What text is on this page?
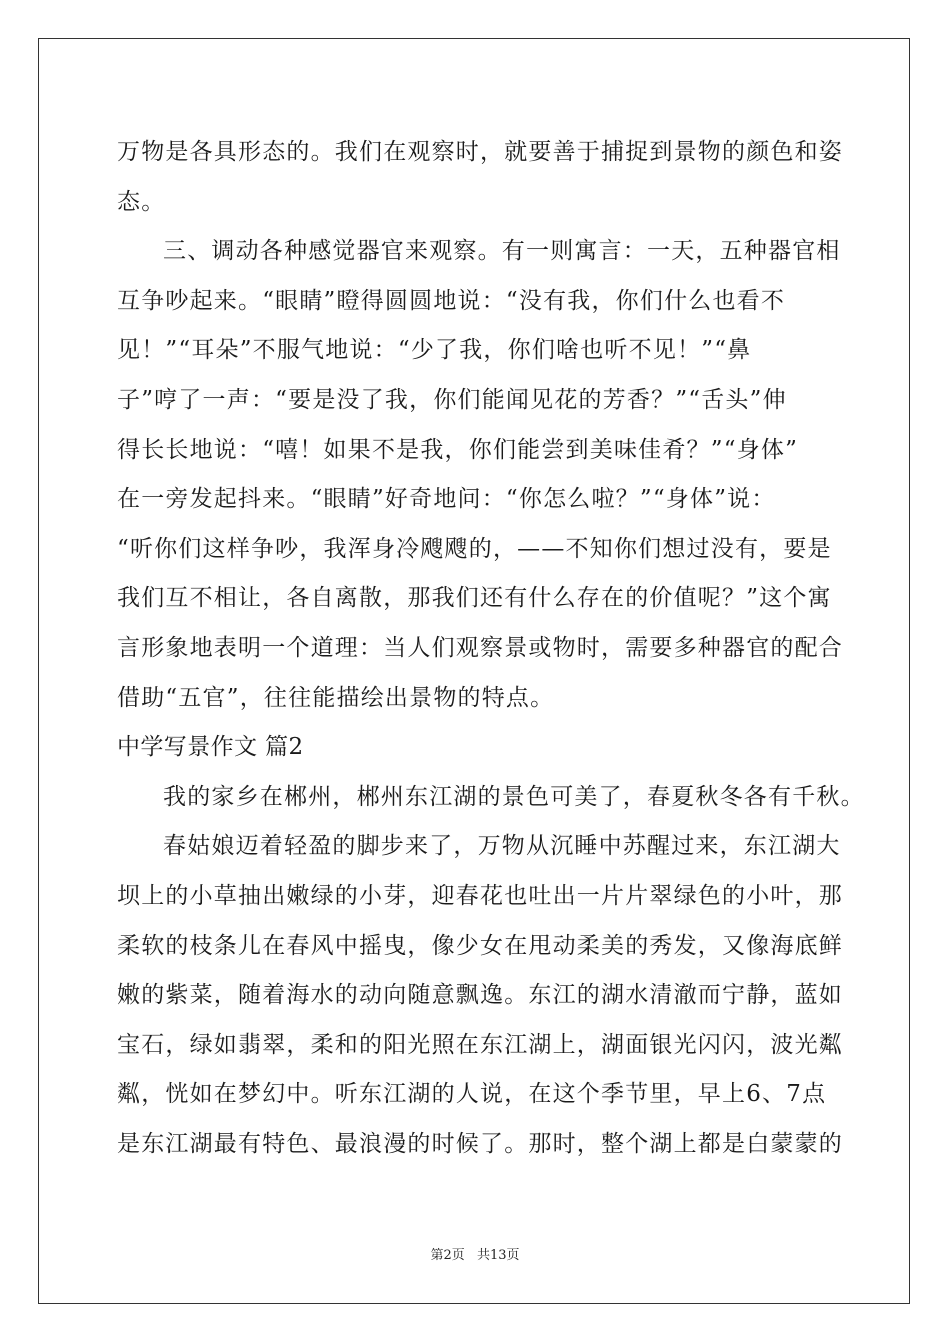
万物是各具形态的。我们在观察时，就要善于捕捉到景物的颜色和姿
态。
三、调动各种感觉器官来观察。有一则寓言：一天，五种器官相
互争吵起来。“眼睛”瞪得圆圆地说：“没有我，你们什么也看不
见！”“耳朵”不服气地说：“少了我，你们啥也听不见！”“鼻
子”哼了一声：“要是没了我，你们能闻见花的芳香？”“舌头”伸
得长长地说：“嘻！如果不是我，你们能尝到美味佳肴？”“身体”
在一旁发起抖来。“眼睛”好奇地问：“你怎么啦？”“身体”说：
“听你们这样争吵，我浑身冷飕飕的，——不知你们想过没有，要是
我们互不相让，各自离散，那我们还有什么存在的价值呢？”这个寓
言形象地表明一个道理：当人们观察景或物时，需要多种器官的配合
借助“五官”，往往能描绘出景物的特点。
中学写景作文 篇2
我的家乡在郴州，郴州东江湖的景色可美了，春夏秋冬各有千秋。
春姑娘迈着轻盈的脚步来了，万物从沉睡中苏醒过来，东江湖大
坝上的小草抽出嫩绿的小芽，迎春花也吐出一片片翠绿色的小叶，那
柔软的枝条儿在春风中摇曳，像少女在甩动柔美的秀发，又像海底鲜
嫩的紫菜，随着海水的动向随意飘逸。东江的湖水清澈而宁静，蓝如
宝石，绿如翡翠，柔和的阳光照在东江湖上，湖面银光闪闪，波光粼
粼，恍如在梦幻中。听东江湖的人说，在这个季节里，早上6、7点
是东江湖最有特色、最浪漫的时候了。那时，整个湖上都是白蒙蒙的
第2页 共13页
